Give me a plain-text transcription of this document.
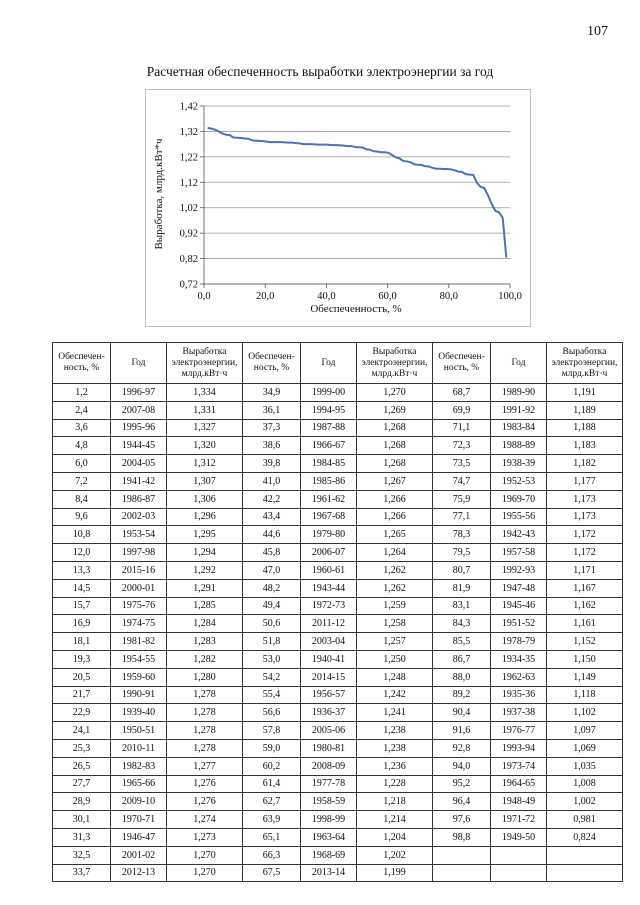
107
Расчетная обеспеченность выработки электроэнергии за год
0,72
0,82
0,92
1,02
1,12
1,22
1,32
1,42
0,0	20,0	40,0	60,0	80,0	100,0
Выработка, млрд.кВт*ч
Обеспеченность, %
Обеспечен-ность, %	Год	Выработка электроэнергии, млрд.кВт·ч	Обеспечен-ность, %	Год	Выработка электроэнергии, млрд.кВт·ч	Обеспечен-ность, %	Год	Выработка электроэнергии, млрд.кВт·ч
1,2	1996-97	1,334	34,9	1999-00	1,270	68,7	1989-90	1,191
2,4	2007-08	1,331	36,1	1994-95	1,269	69,9	1991-92	1,189
3,6	1995-96	1,327	37,3	1987-88	1,268	71,1	1983-84	1,188
4,8	1944-45	1,320	38,6	1966-67	1,268	72,3	1988-89	1,183
6,0	2004-05	1,312	39,8	1984-85	1,268	73,5	1938-39	1,182
7,2	1941-42	1,307	41,0	1985-86	1,267	74,7	1952-53	1,177
8,4	1986-87	1,306	42,2	1961-62	1,266	75,9	1969-70	1,173
9,6	2002-03	1,296	43,4	1967-68	1,266	77,1	1955-56	1,173
10,8	1953-54	1,295	44,6	1979-80	1,265	78,3	1942-43	1,172
12,0	1997-98	1,294	45,8	2006-07	1,264	79,5	1957-58	1,172
13,3	2015-16	1,292	47,0	1960-61	1,262	80,7	1992-93	1,171
14,5	2000-01	1,291	48,2	1943-44	1,262	81,9	1947-48	1,167
15,7	1975-76	1,285	49,4	1972-73	1,259	83,1	1945-46	1,162
16,9	1974-75	1,284	50,6	2011-12	1,258	84,3	1951-52	1,161
18,1	1981-82	1,283	51,8	2003-04	1,257	85,5	1978-79	1,152
19,3	1954-55	1,282	53,0	1940-41	1,250	86,7	1934-35	1,150
20,5	1959-60	1,280	54,2	2014-15	1,248	88,0	1962-63	1,149
21,7	1990-91	1,278	55,4	1956-57	1,242	89,2	1935-36	1,118
22,9	1939-40	1,278	56,6	1936-37	1,241	90,4	1937-38	1,102
24,1	1950-51	1,278	57,8	2005-06	1,238	91,6	1976-77	1,097
25,3	2010-11	1,278	59,0	1980-81	1,238	92,8	1993-94	1,069
26,5	1982-83	1,277	60,2	2008-09	1,236	94,0	1973-74	1,035
27,7	1965-66	1,276	61,4	1977-78	1,228	95,2	1964-65	1,008
28,9	2009-10	1,276	62,7	1958-59	1,218	96,4	1948-49	1,002
30,1	1970-71	1,274	63,9	1998-99	1,214	97,6	1971-72	0,981
31,3	1946-47	1,273	65,1	1963-64	1,204	98,8	1949-50	0,824
32,5	2001-02	1,270	66,3	1968-69	1,202			
33,7	2012-13	1,270	67,5	2013-14	1,199			
